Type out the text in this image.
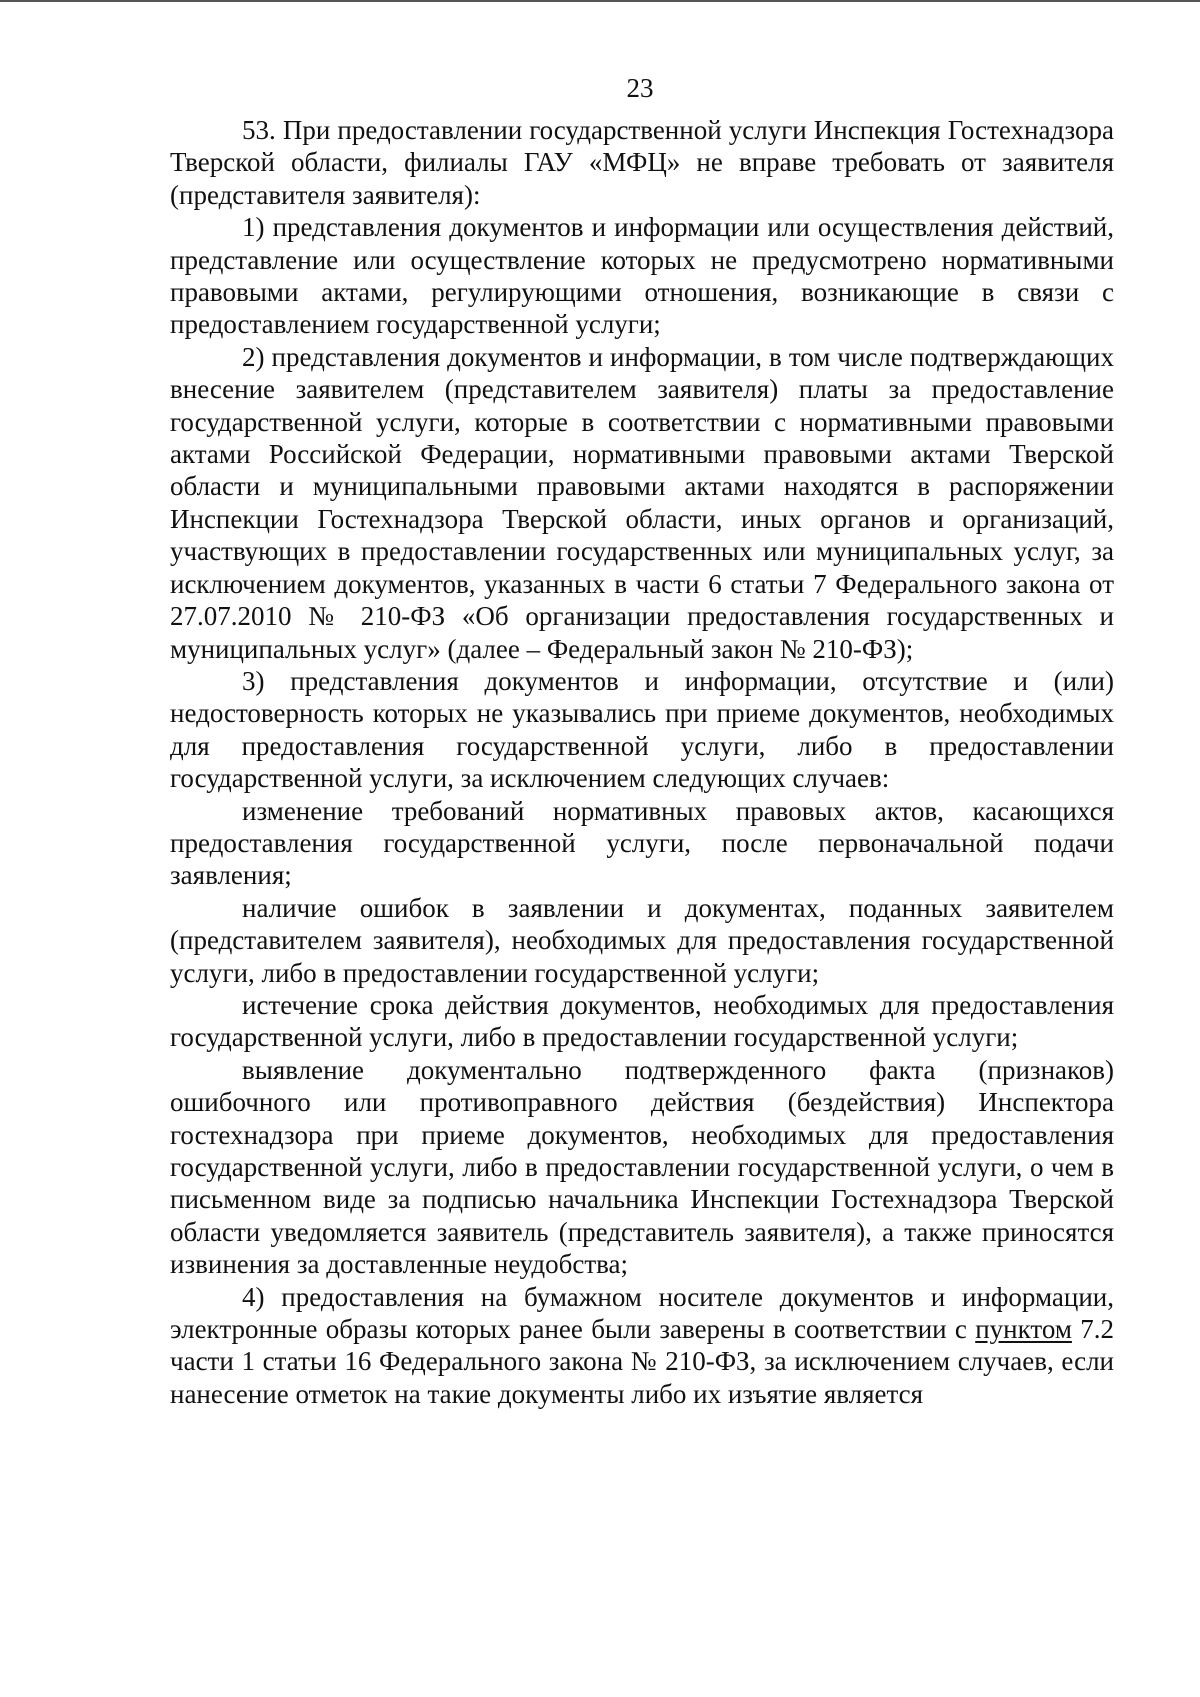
23

53. При предоставлении государственной услуги Инспекция Гостехнадзора Тверской области, филиалы ГАУ «МФЦ» не вправе требовать от заявителя (представителя заявителя):

1) представления документов и информации или осуществления действий, представление или осуществление которых не предусмотрено нормативными правовыми актами, регулирующими отношения, возникающие в связи с предоставлением государственной услуги;

2) представления документов и информации, в том числе подтверждающих внесение заявителем (представителем заявителя) платы за предоставление государственной услуги, которые в соответствии с нормативными правовыми актами Российской Федерации, нормативными правовыми актами Тверской области и муниципальными правовыми актами находятся в распоряжении Инспекции Гостехнадзора Тверской области, иных органов и организаций, участвующих в предоставлении государственных или муниципальных услуг, за исключением документов, указанных в части 6 статьи 7 Федерального закона от 27.07.2010 № 210-ФЗ «Об организации предоставления государственных и муниципальных услуг» (далее – Федеральный закон № 210-ФЗ);

3) представления документов и информации, отсутствие и (или) недостоверность которых не указывались при приеме документов, необходимых для предоставления государственной услуги, либо в предоставлении государственной услуги, за исключением следующих случаев:

изменение требований нормативных правовых актов, касающихся предоставления государственной услуги, после первоначальной подачи заявления;

наличие ошибок в заявлении и документах, поданных заявителем (представителем заявителя), необходимых для предоставления государственной услуги, либо в предоставлении государственной услуги;

истечение срока действия документов, необходимых для предоставления государственной услуги, либо в предоставлении государственной услуги;

выявление документально подтвержденного факта (признаков) ошибочного или противоправного действия (бездействия) Инспектора гостехнадзора при приеме документов, необходимых для предоставления государственной услуги, либо в предоставлении государственной услуги, о чем в письменном виде за подписью начальника Инспекции Гостехнадзора Тверской области уведомляется заявитель (представитель заявителя), а также приносятся извинения за доставленные неудобства;

4) предоставления на бумажном носителе документов и информации, электронные образы которых ранее были заверены в соответствии с пунктом 7.2 части 1 статьи 16 Федерального закона № 210-ФЗ, за исключением случаев, если нанесение отметок на такие документы либо их изъятие является
